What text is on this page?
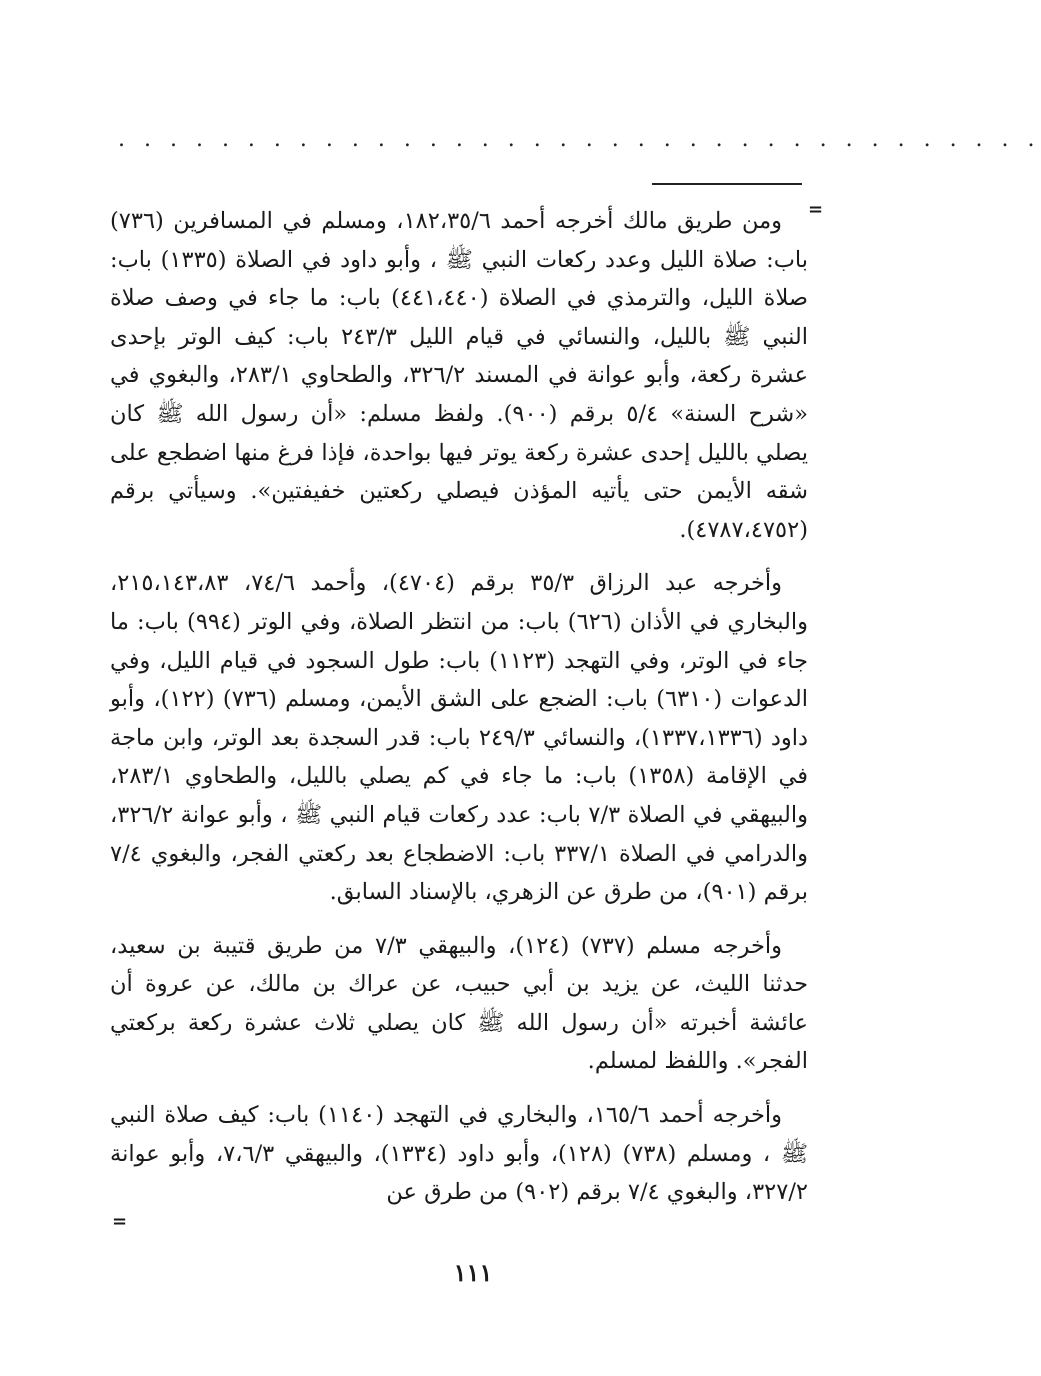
. . . . . . . . . . . . . . . . . . . . . . . . . . . . . . . . . . . .
=

ومن طريق مالك أخرجه أحمد ١٨٢،٣٥/٦، ومسلم في المسافرين (٧٣٦) باب: صلاة الليل وعدد ركعات النبي ﷺ ، وأبو داود في الصلاة (١٣٣٥) باب: صلاة الليل، والترمذي في الصلاة (٤٤١،٤٤٠) باب: ما جاء في وصف صلاة النبي ﷺ بالليل، والنسائي في قيام الليل ٢٤٣/٣ باب: كيف الوتر بإحدى عشرة ركعة، وأبو عوانة في المسند ٣٢٦/٢، والطحاوي ٢٨٣/١، والبغوي في «شرح السنة» ٥/٤ برقم (٩٠٠). ولفظ مسلم: «أن رسول الله ﷺ كان يصلي بالليل إحدى عشرة ركعة يوتر فيها بواحدة، فإذا فرغ منها اضطجع على شقه الأيمن حتى يأتيه المؤذن فيصلي ركعتين خفيفتين». وسيأتي برقم (٤٧٨٧،٤٧٥٢).

وأخرجه عبد الرزاق ٣٥/٣ برقم (٤٧٠٤)، وأحمد ٧٤/٦، ٢١٥،١٤٣،٨٣، والبخاري في الأذان (٦٢٦) باب: من انتظر الصلاة، وفي الوتر (٩٩٤) باب: ما جاء في الوتر، وفي التهجد (١١٢٣) باب: طول السجود في قيام الليل، وفي الدعوات (٦٣١٠) باب: الضجع على الشق الأيمن، ومسلم (٧٣٦) (١٢٢)، وأبو داود (١٣٣٧،١٣٣٦)، والنسائي ٢٤٩/٣ باب: قدر السجدة بعد الوتر، وابن ماجة في الإقامة (١٣٥٨) باب: ما جاء في كم يصلي بالليل، والطحاوي ٢٨٣/١، والبيهقي في الصلاة ٧/٣ باب: عدد ركعات قيام النبي ﷺ ، وأبو عوانة ٣٢٦/٢، والدرامي في الصلاة ٣٣٧/١ باب: الاضطجاع بعد ركعتي الفجر، والبغوي ٧/٤ برقم (٩٠١)، من طرق عن الزهري، بالإسناد السابق.

وأخرجه مسلم (٧٣٧) (١٢٤)، والبيهقي ٧/٣ من طريق قتيبة بن سعيد، حدثنا الليث، عن يزيد بن أبي حبيب، عن عراك بن مالك، عن عروة أن عائشة أخبرته «أن رسول الله ﷺ كان يصلي ثلاث عشرة ركعة بركعتي الفجر». واللفظ لمسلم.

وأخرجه أحمد ١٦٥/٦، والبخاري في التهجد (١١٤٠) باب: كيف صلاة النبي ﷺ ، ومسلم (٧٣٨) (١٢٨)، وأبو داود (١٣٣٤)، والبيهقي ٧،٦/٣، وأبو عوانة ٣٢٧/٢، والبغوي ٧/٤ برقم (٩٠٢) من طرق عن

=
١١١
